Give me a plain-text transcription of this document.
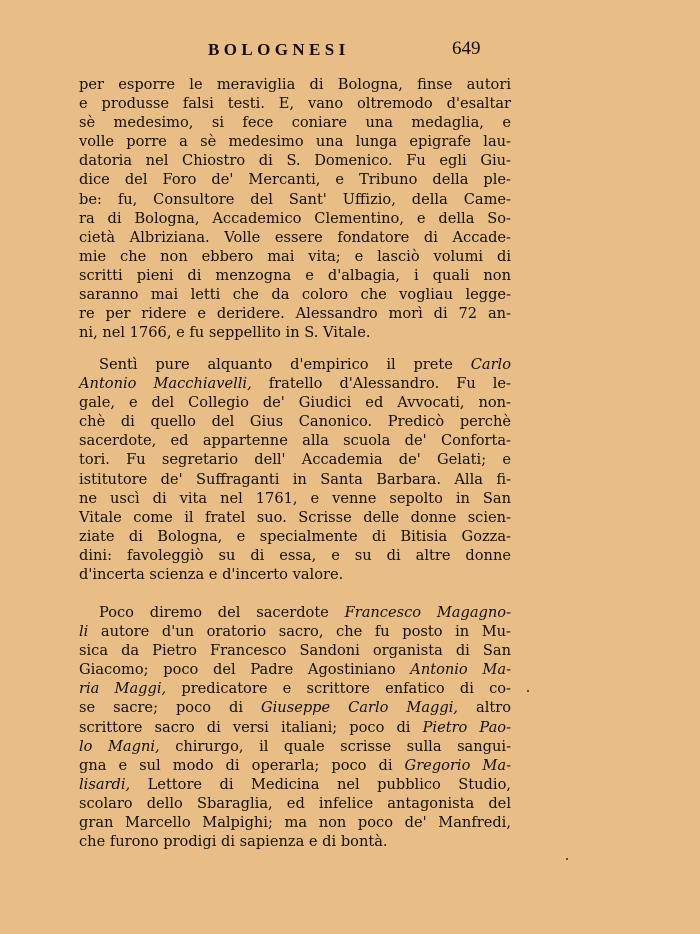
BOLOGNESI	649
per esporre le meraviglia di Bologna, finse autori
e produsse falsi testi. E, vano oltremodo d'esaltar
sè medesimo, si fece coniare una medaglia, e
volle porre a sè medesimo una lunga epigrafe lau-
datoria nel Chiostro di S. Domenico. Fu egli Giu-
dice del Foro de' Mercanti, e Tribuno della ple-
be: fu, Consultore del Sant' Uffizio, della Came-
ra di Bologna, Accademico Clementino, e della So-
cietà Albriziana. Volle essere fondatore di Accade-
mie che non ebbero mai vita; e lasciò volumi di
scritti pieni di menzogna e d'albagia, i quali non
saranno mai letti che da coloro che vogliau legge-
re per ridere e deridere. Alessandro morì di 72 an-
ni, nel 1766, e fu seppellito in S. Vitale.
Sentì pure alquanto d'empirico il prete Carlo
Antonio Macchiavelli, fratello d'Alessandro. Fu le-
gale, e del Collegio de' Giudici ed Avvocati, non-
chè di quello del Gius Canonico. Predicò perchè
sacerdote, ed appartenne alla scuola de' Conforta-
tori. Fu segretario dell' Accademia de' Gelati; e
istitutore de' Suffraganti in Santa Barbara. Alla fi-
ne uscì di vita nel 1761, e venne sepolto in San
Vitale come il fratel suo. Scrisse delle donne scien-
ziate di Bologna, e specialmente di Bitisia Gozza-
dini: favoleggiò su di essa, e su di altre donne
d'incerta scienza e d'incerto valore.
Poco diremo del sacerdote Francesco Magagno-
li autore d'un oratorio sacro, che fu posto in Mu-
sica da Pietro Francesco Sandoni organista di San
Giacomo; poco del Padre Agostiniano Antonio Ma-
ria Maggi, predicatore e scrittore enfatico di co-
se sacre; poco di Giuseppe Carlo Maggi, altro
scrittore sacro di versi italiani; poco di Pietro Pao-
lo Magni, chirurgo, il quale scrisse sulla sangui-
gna e sul modo di operarla; poco di Gregorio Ma-
lisardi, Lettore di Medicina nel pubblico Studio,
scolaro dello Sbaraglia, ed infelice antagonista del
gran Marcello Malpighi; ma non poco de' Manfredi,
che furono prodigi di sapienza e di bontà.
